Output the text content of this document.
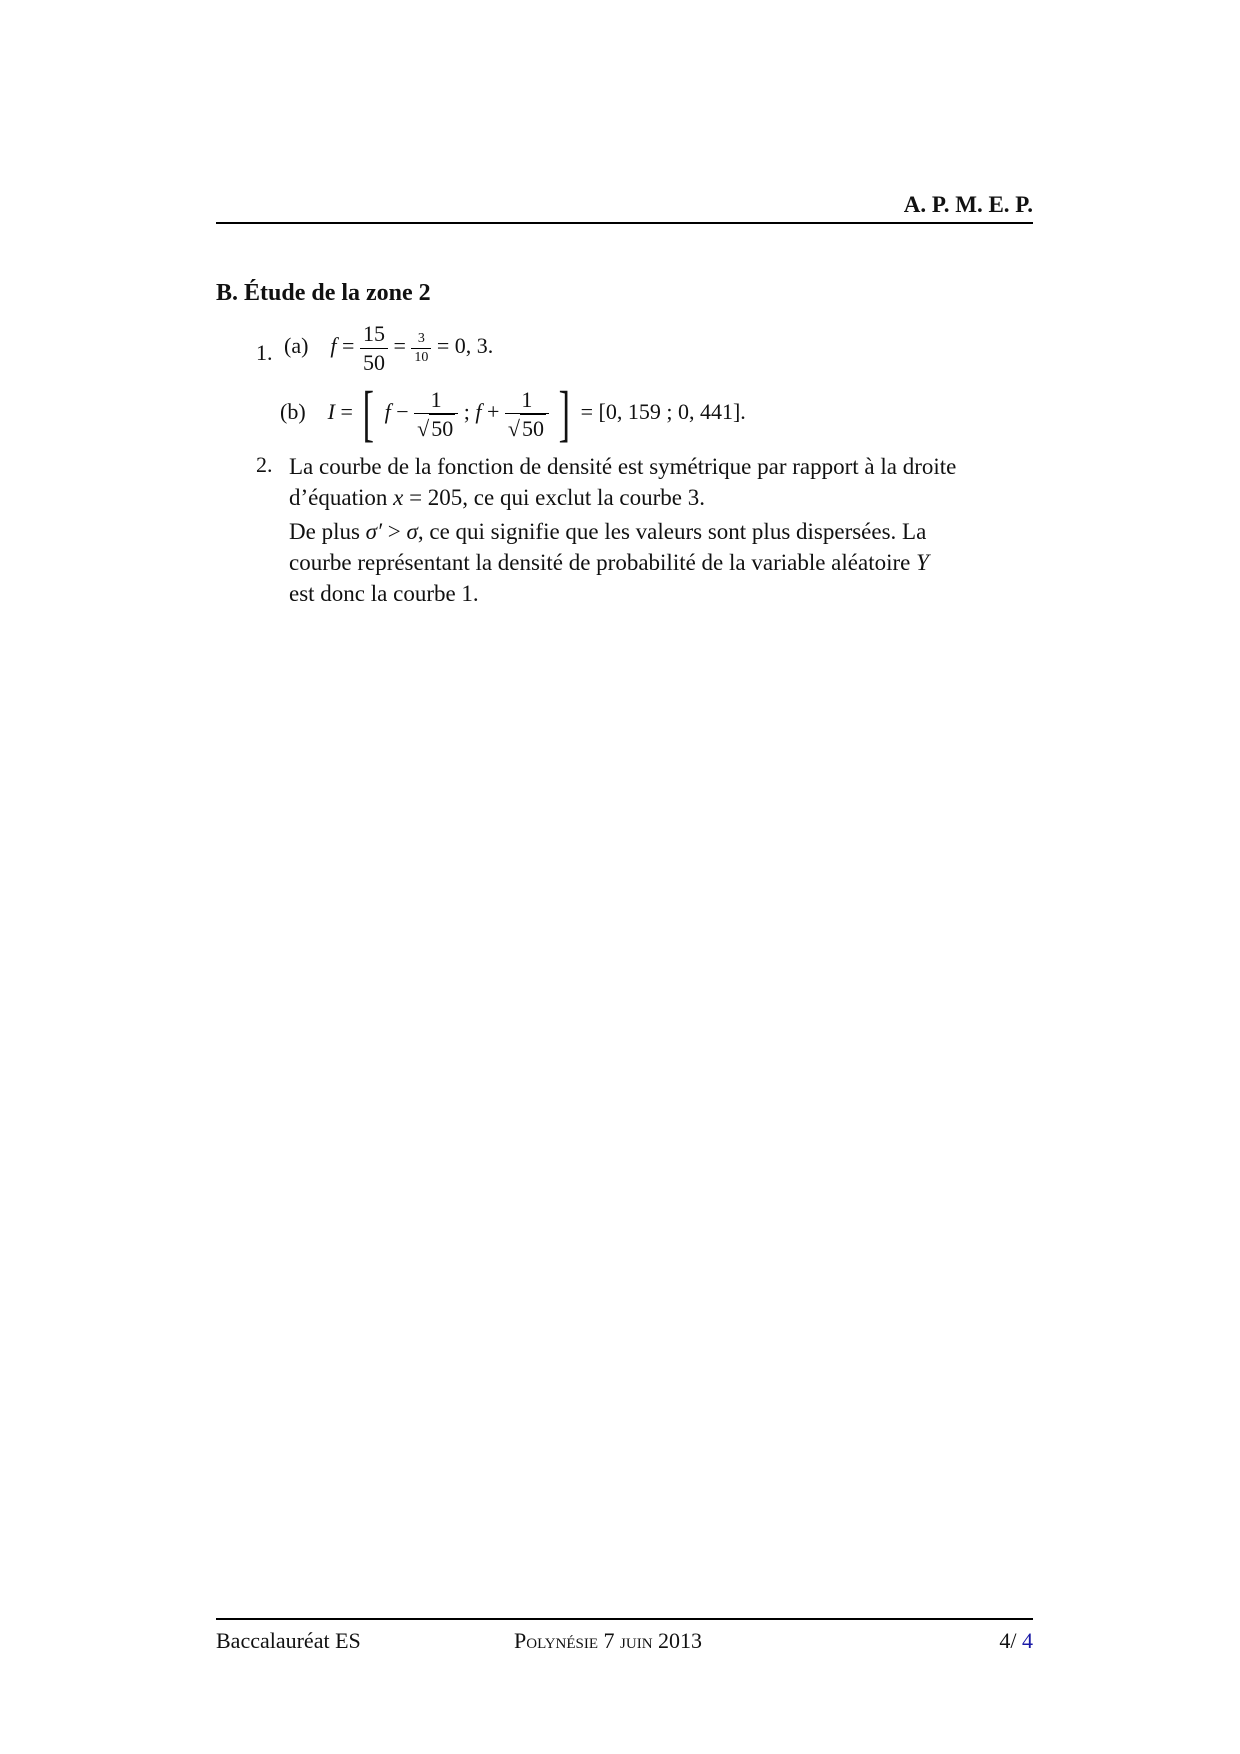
A. P. M. E. P.
B. Étude de la zone 2
1. (a) $f = \frac{15}{50} = \frac{3}{10} = 0$, 3.
(b) I = [ $f - \frac{1}{√50}$ ; $f + \frac{1}{√50}$ ] = [0, 159 ; 0, 441].
2. La courbe de la fonction de densité est symétrique par rapport à la droite
d’équation x = 205, ce qui exclut la courbe 3.
De plus σ′ > σ, ce qui signifie que les valeurs sont plus dispersées. La
courbe représentant la densité de probabilité de la variable aléatoire Y
est donc la courbe 1.
Baccalauréat ES	Polynésie 7 juin 2013	4/ 4
